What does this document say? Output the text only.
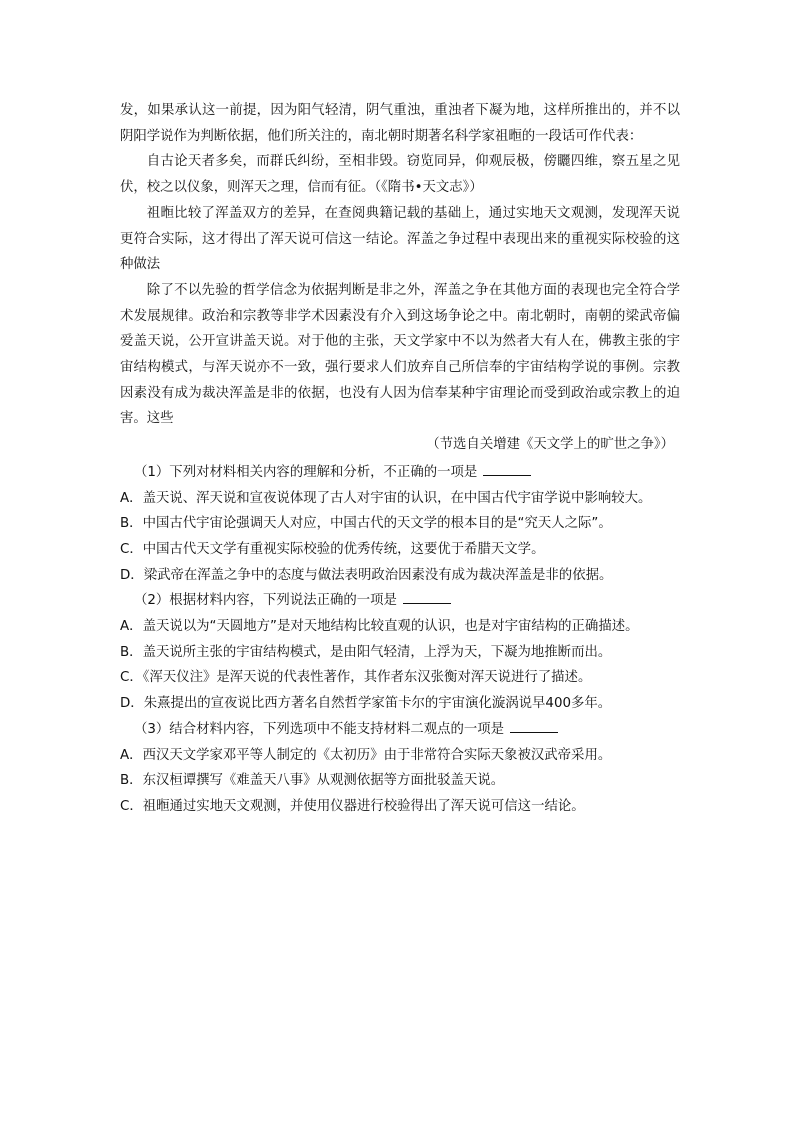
发，如果承认这一前提，因为阳气轻清，阴气重浊，重浊者下凝为地，这样所推出的，并不以阴阳学说作为判断依据，他们所关注的，南北朝时期著名科学家祖暅的一段话可作代表：

自古论天者多矣，而群氏纠纷，至相非毁。窃览同异，仰观辰极，傍矖四维，察五星之见伏，校之以仪象，则浑天之理，信而有征。（《隋书•天文志》）

祖暅比较了浑盖双方的差异，在查阅典籍记载的基础上，通过实地天文观测，发现浑天说更符合实际，这才得出了浑天说可信这一结论。浑盖之争过程中表现出来的重视实际校验的这种做法

除了不以先验的哲学信念为依据判断是非之外，浑盖之争在其他方面的表现也完全符合学术发展规律。政治和宗教等非学术因素没有介入到这场争论之中。南北朝时，南朝的梁武帝偏爱盖天说，公开宣讲盖天说。对于他的主张，天文学家中不以为然者大有人在，佛教主张的宇宙结构模式，与浑天说亦不一致，强行要求人们放弃自己所信奉的宇宙结构学说的事例。宗教因素没有成为裁决浑盖是非的依据，也没有人因为信奉某种宇宙理论而受到政治或宗教上的迫害。这些

（节选自关增建《天文学上的旷世之争》）

（1）下列对材料相关内容的理解和分析，不正确的一项是

A．盖天说、浑天说和宣夜说体现了古人对宇宙的认识，在中国古代宇宙学说中影响较大。

B．中国古代宇宙论强调天人对应，中国古代的天文学的根本目的是“究天人之际”。

C．中国古代天文学有重视实际校验的优秀传统，这要优于希腊天文学。

D．梁武帝在浑盖之争中的态度与做法表明政治因素没有成为裁决浑盖是非的依据。

（2）根据材料内容，下列说法正确的一项是

A．盖天说以为“天圆地方”是对天地结构比较直观的认识，也是对宇宙结构的正确描述。

B．盖天说所主张的宇宙结构模式，是由阳气轻清，上浮为天，下凝为地推断而出。

C．《浑天仪注》是浑天说的代表性著作，其作者东汉张衡对浑天说进行了描述。

D．朱熹提出的宣夜说比西方著名自然哲学家笛卡尔的宇宙演化漩涡说早400多年。

（3）结合材料内容，下列选项中不能支持材料二观点的一项是

A．西汉天文学家邓平等人制定的《太初历》由于非常符合实际天象被汉武帝采用。

B．东汉桓谭撰写《难盖天八事》从观测依据等方面批驳盖天说。

C．祖暅通过实地天文观测，并使用仪器进行校验得出了浑天说可信这一结论。
